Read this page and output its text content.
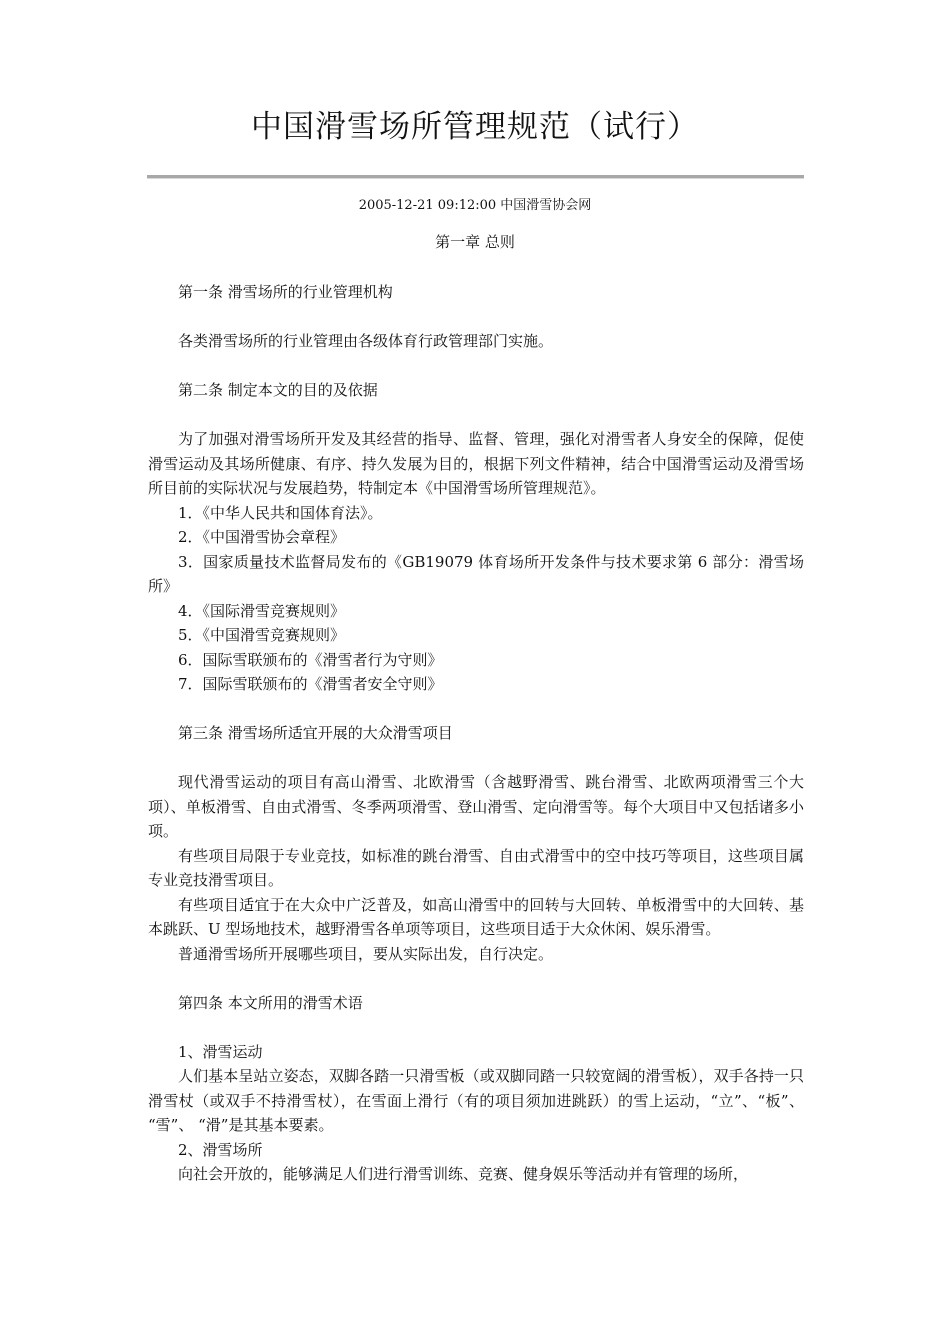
中国滑雪场所管理规范（试行）
2005-12-21 09:12:00 中国滑雪协会网
第一章 总则

第一条 滑雪场所的行业管理机构

各类滑雪场所的行业管理由各级体育行政管理部门实施。

第二条 制定本文的目的及依据

为了加强对滑雪场所开发及其经营的指导、监督、管理，强化对滑雪者人身安全的保障，促使滑雪运动及其场所健康、有序、持久发展为目的，根据下列文件精神，结合中国滑雪运动及滑雪场所目前的实际状况与发展趋势，特制定本《中国滑雪场所管理规范》。

1．《中华人民共和国体育法》。

2．《中国滑雪协会章程》

3．国家质量技术监督局发布的《GB19079 体育场所开发条件与技术要求第 6 部分：滑雪场所》

4．《国际滑雪竞赛规则》

5．《中国滑雪竞赛规则》

6．国际雪联颁布的《滑雪者行为守则》

7．国际雪联颁布的《滑雪者安全守则》

第三条 滑雪场所适宜开展的大众滑雪项目

现代滑雪运动的项目有高山滑雪、北欧滑雪（含越野滑雪、跳台滑雪、北欧两项滑雪三个大项）、单板滑雪、自由式滑雪、冬季两项滑雪、登山滑雪、定向滑雪等。每个大项目中又包括诸多小项。

有些项目局限于专业竞技，如标准的跳台滑雪、自由式滑雪中的空中技巧等项目，这些项目属专业竞技滑雪项目。

有些项目适宜于在大众中广泛普及，如高山滑雪中的回转与大回转、单板滑雪中的大回转、基本跳跃、U 型场地技术，越野滑雪各单项等项目，这些项目适于大众休闲、娱乐滑雪。

普通滑雪场所开展哪些项目，要从实际出发，自行决定。

第四条 本文所用的滑雪术语

1、滑雪运动

人们基本呈站立姿态，双脚各踏一只滑雪板（或双脚同踏一只较宽阔的滑雪板），双手各持一只滑雪杖（或双手不持滑雪杖），在雪面上滑行（有的项目须加进跳跃）的雪上运动，“立”、“板”、 “雪”、 “滑”是其基本要素。

2、滑雪场所

向社会开放的，能够满足人们进行滑雪训练、竞赛、健身娱乐等活动并有管理的场所，
